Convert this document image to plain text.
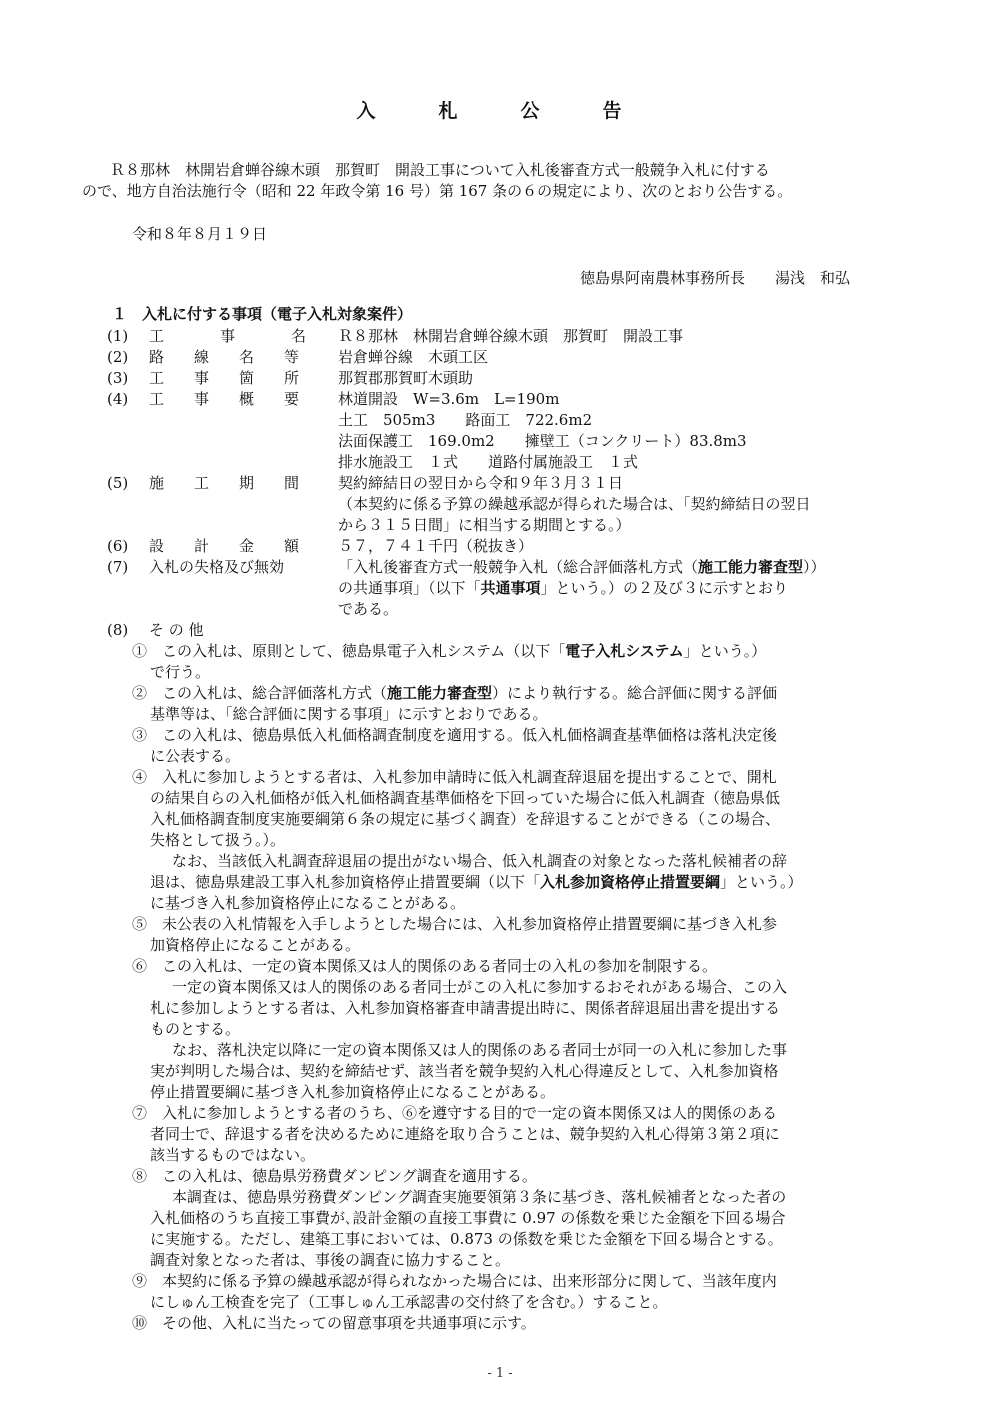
入　札　公　告
Ｒ８那林　林開岩倉蝉谷線木頭　那賀町　開設工事について入札後審査方式一般競争入札に付する
ので、地方自治法施行令（昭和 22 年政令第 16 号）第 167 条の６の規定により、次のとおり公告する。
令和８年８月１９日
徳島県阿南農林事務所長　　湯浅　和弘
１　入札に付する事項（電子入札対象案件）
(1) 工事名
Ｒ８那林　林開岩倉蝉谷線木頭　那賀町　開設工事
(2) 路線名等 岩倉蝉谷線　木頭工区
(3) 工事箇所 那賀郡那賀町木頭助
(4) 工事概要 林道開設　W=3.6m　L=190m
土工　505m3　　路面工　722.6m2
法面保護工　169.0m2　　擁壁工（コンクリート）83.8m3
排水施設工　１式　　道路付属施設工　１式
(5) 施工期間 契約締結日の翌日から令和９年３月３１日
（本契約に係る予算の繰越承認が得られた場合は、「契約締結日の翌日
から３１５日間」に相当する期間とする。）
(6) 設計金額 ５７，７４１千円（税抜き）
(7) 入札の失格及び無効	「入札後審査方式一般競争入札（総合評価落札方式（施工能力審査型））
の共通事項」（以下「共通事項」という。）の２及び３に示すとおり
である。
(8) そ の 他
①　この入札は、原則として、徳島県電子入札システム（以下「電子入札システム」という。）
で行う。
②　この入札は、総合評価落札方式（施工能力審査型）により執行する。総合評価に関する評価
基準等は、「総合評価に関する事項」に示すとおりである。
③　この入札は、徳島県低入札価格調査制度を適用する。低入札価格調査基準価格は落札決定後
に公表する。
④　入札に参加しようとする者は、入札参加申請時に低入札調査辞退届を提出することで、開札
の結果自らの入札価格が低入札価格調査基準価格を下回っていた場合に低入札調査（徳島県低
入札価格調査制度実施要綱第６条の規定に基づく調査）を辞退することができる（この場合、
失格として扱う。）。
なお、当該低入札調査辞退届の提出がない場合、低入札調査の対象となった落札候補者の辞
退は、徳島県建設工事入札参加資格停止措置要綱（以下「入札参加資格停止措置要綱」という。）
に基づき入札参加資格停止になることがある。
⑤　未公表の入札情報を入手しようとした場合には、入札参加資格停止措置要綱に基づき入札参
加資格停止になることがある。
⑥　この入札は、一定の資本関係又は人的関係のある者同士の入札の参加を制限する。
一定の資本関係又は人的関係のある者同士がこの入札に参加するおそれがある場合、この入
札に参加しようとする者は、入札参加資格審査申請書提出時に、関係者辞退届出書を提出する
ものとする。
なお、落札決定以降に一定の資本関係又は人的関係のある者同士が同一の入札に参加した事
実が判明した場合は、契約を締結せず、該当者を競争契約入札心得違反として、入札参加資格
停止措置要綱に基づき入札参加資格停止になることがある。
⑦　入札に参加しようとする者のうち、⑥を遵守する目的で一定の資本関係又は人的関係のある
者同士で、辞退する者を決めるために連絡を取り合うことは、競争契約入札心得第３第２項に
該当するものではない。
⑧　この入札は、徳島県労務費ダンピング調査を適用する。
本調査は、徳島県労務費ダンピング調査実施要領第３条に基づき、落札候補者となった者の
入札価格のうち直接工事費が､設計金額の直接工事費に 0.97 の係数を乗じた金額を下回る場合
に実施する。ただし、建築工事においては、0.873 の係数を乗じた金額を下回る場合とする。
調査対象となった者は、事後の調査に協力すること。
⑨　本契約に係る予算の繰越承認が得られなかった場合には、出来形部分に関して、当該年度内
にしゅん工検査を完了（工事しゅん工承認書の交付終了を含む。）すること。
⑩　その他、入札に当たっての留意事項を共通事項に示す。
- 1 -
